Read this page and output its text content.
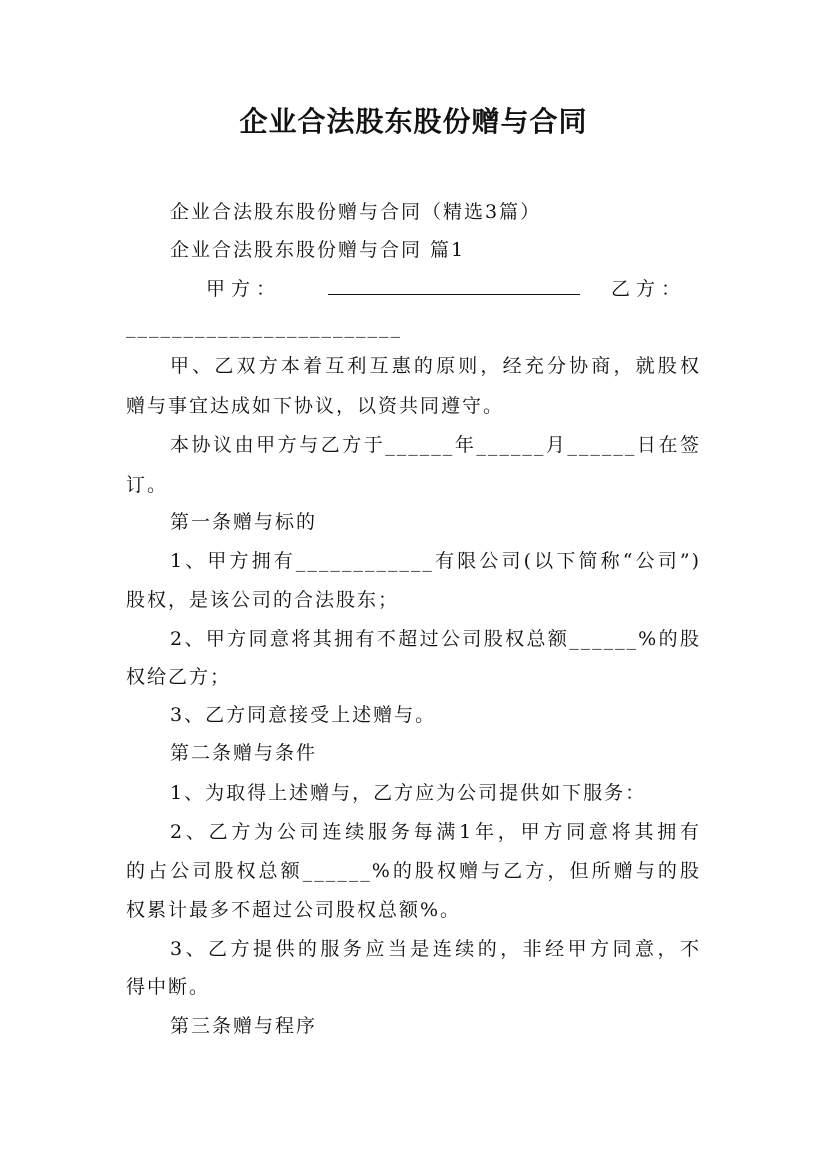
企业合法股东股份赠与合同
企业合法股东股份赠与合同（精选3篇）
企业合法股东股份赠与合同 篇1
甲 方 ：	乙 方 ：
________________________
甲、乙双方本着互利互惠的原则，经充分协商，就股权
赠与事宜达成如下协议，以资共同遵守。
本协议由甲方与乙方于______年______月______日在签
订。
第一条赠与标的
1、甲方拥有____________有限公司(以下简称“公司”)
股权，是该公司的合法股东；
2、甲方同意将其拥有不超过公司股权总额______%的股
权给乙方；
3、乙方同意接受上述赠与。
第二条赠与条件
1、为取得上述赠与，乙方应为公司提供如下服务：
2、乙方为公司连续服务每满1年，甲方同意将其拥有
的占公司股权总额______%的股权赠与乙方，但所赠与的股
权累计最多不超过公司股权总额%。
3、乙方提供的服务应当是连续的，非经甲方同意，不
得中断。
第三条赠与程序
